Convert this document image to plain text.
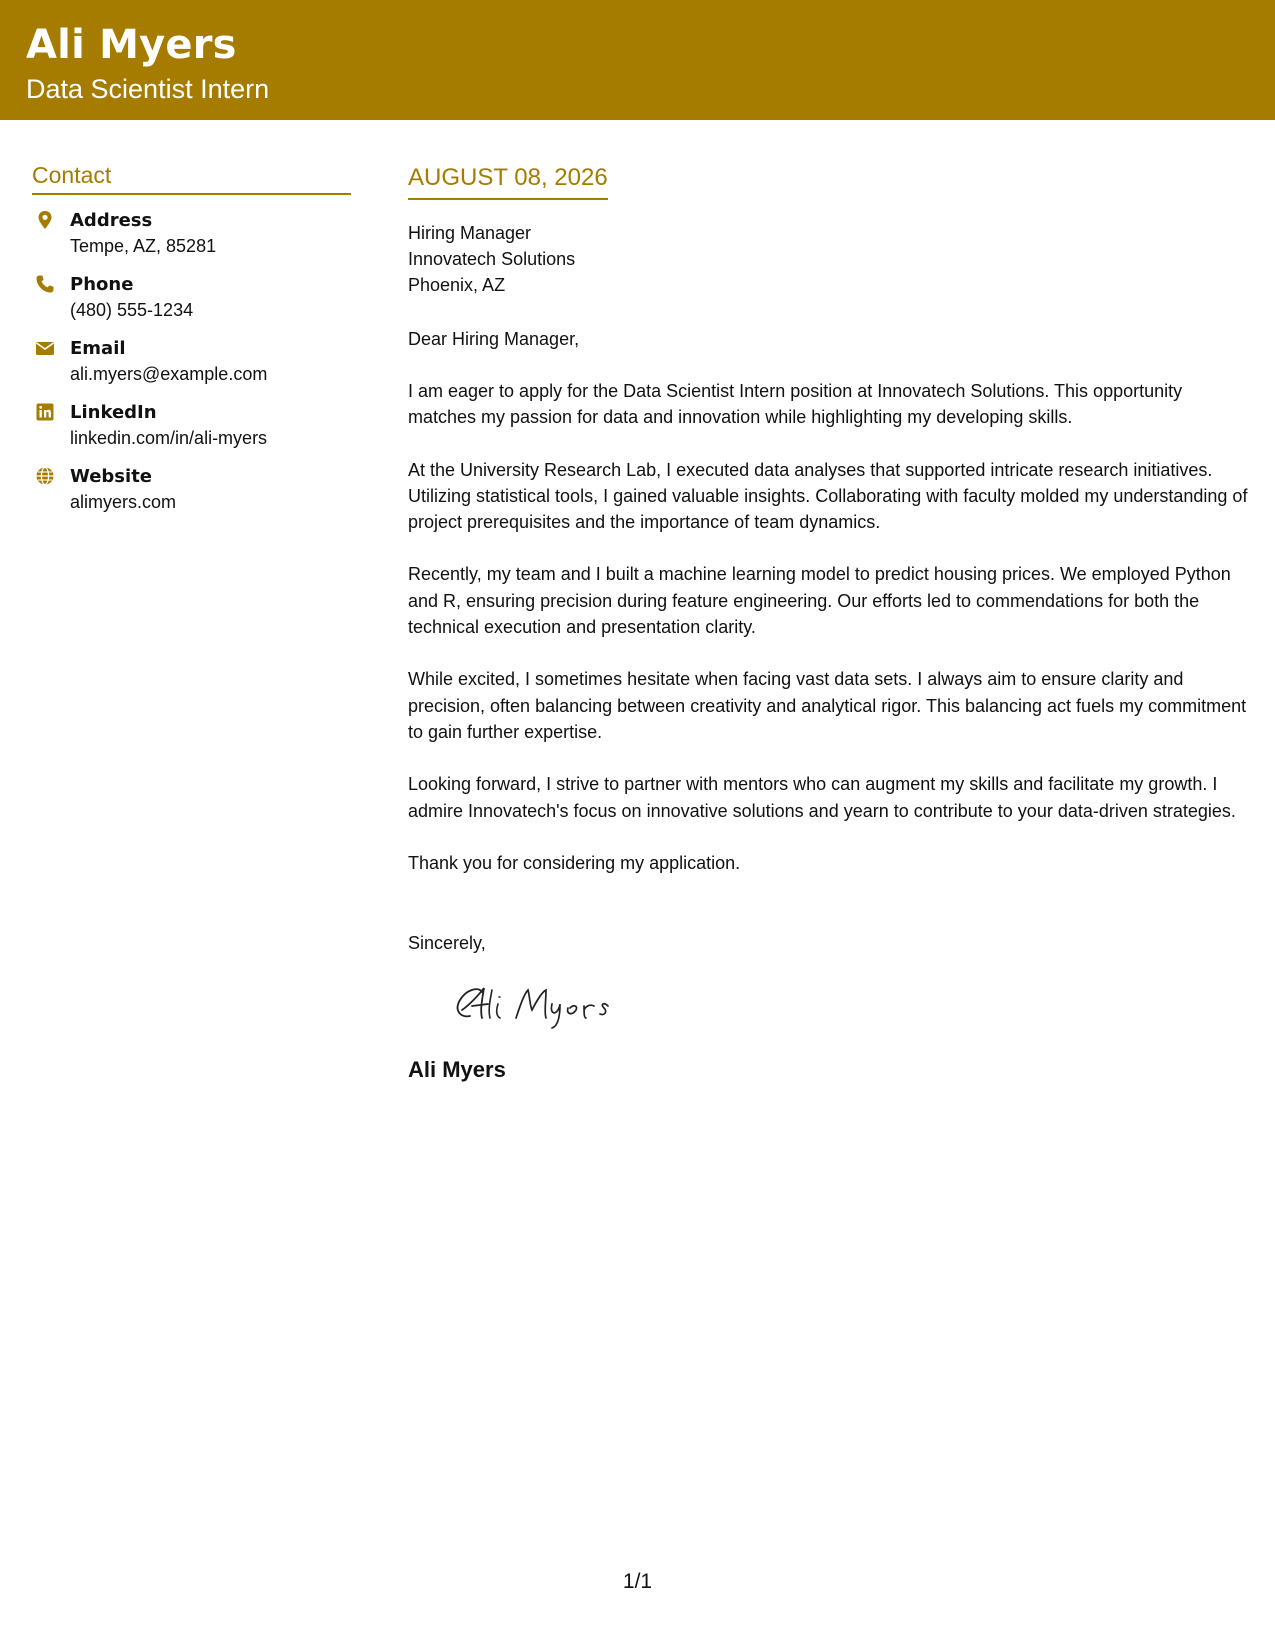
Ali Myers
Data Scientist Intern
Contact
Address
Tempe, AZ, 85281
Phone
(480) 555-1234
Email
ali.myers@example.com
LinkedIn
linkedin.com/in/ali-myers
Website
alimyers.com
AUGUST 08, 2026
Hiring Manager
Innovatech Solutions
Phoenix, AZ
Dear Hiring Manager,
I am eager to apply for the Data Scientist Intern position at Innovatech Solutions. This opportunity matches my passion for data and innovation while highlighting my developing skills.
At the University Research Lab, I executed data analyses that supported intricate research initiatives. Utilizing statistical tools, I gained valuable insights. Collaborating with faculty molded my understanding of project prerequisites and the importance of team dynamics.
Recently, my team and I built a machine learning model to predict housing prices. We employed Python and R, ensuring precision during feature engineering. Our efforts led to commendations for both the technical execution and presentation clarity.
While excited, I sometimes hesitate when facing vast data sets. I always aim to ensure clarity and precision, often balancing between creativity and analytical rigor. This balancing act fuels my commitment to gain further expertise.
Looking forward, I strive to partner with mentors who can augment my skills and facilitate my growth. I admire Innovatech's focus on innovative solutions and yearn to contribute to your data-driven strategies.
Thank you for considering my application.
Sincerely,
Ali Myers
1/1
